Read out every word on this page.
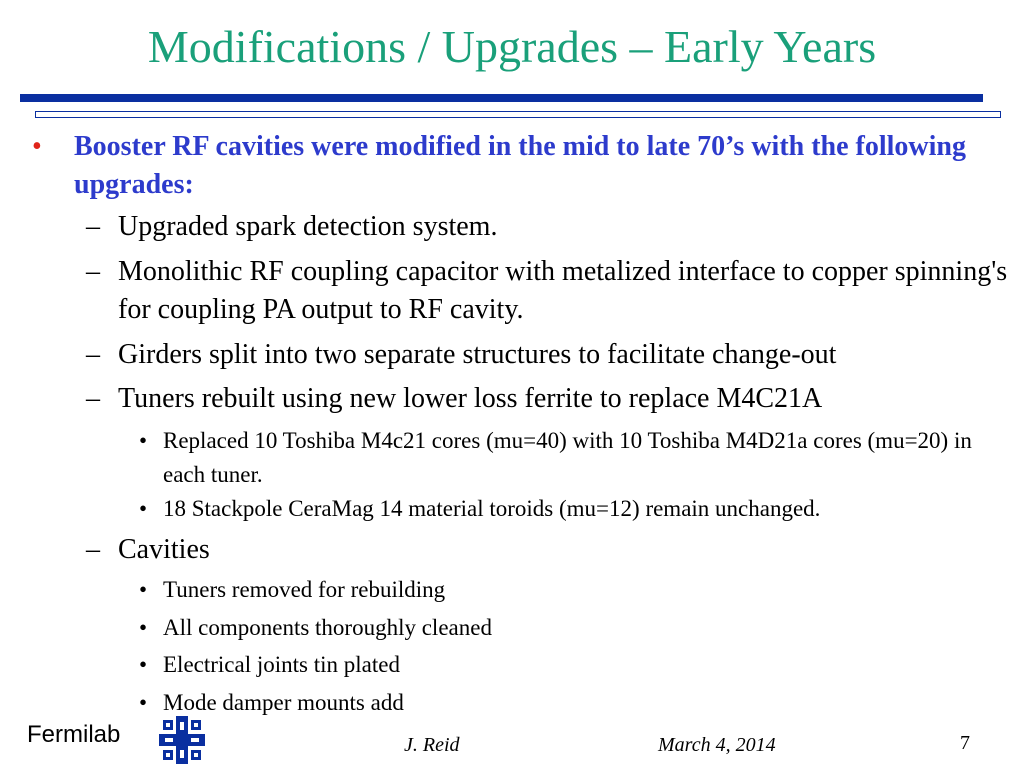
Modifications / Upgrades – Early Years
• Booster RF cavities were modified in the mid to late 70’s with the following upgrades:
– Upgraded spark detection system.
– Monolithic RF coupling capacitor with metalized interface to copper spinning's for coupling PA output to RF cavity.
– Girders split into two separate structures to facilitate change-out
– Tuners rebuilt using new lower loss ferrite to replace M4C21A
• Replaced 10 Toshiba M4c21 cores (mu=40) with 10 Toshiba M4D21a cores (mu=20) in each tuner.
• 18 Stackpole CeraMag 14 material toroids (mu=12) remain unchanged.
– Cavities
• Tuners removed for rebuilding
• All components thoroughly cleaned
• Electrical joints tin plated
• Mode damper mounts add
Fermilab	J. Reid	March 4, 2014	7
